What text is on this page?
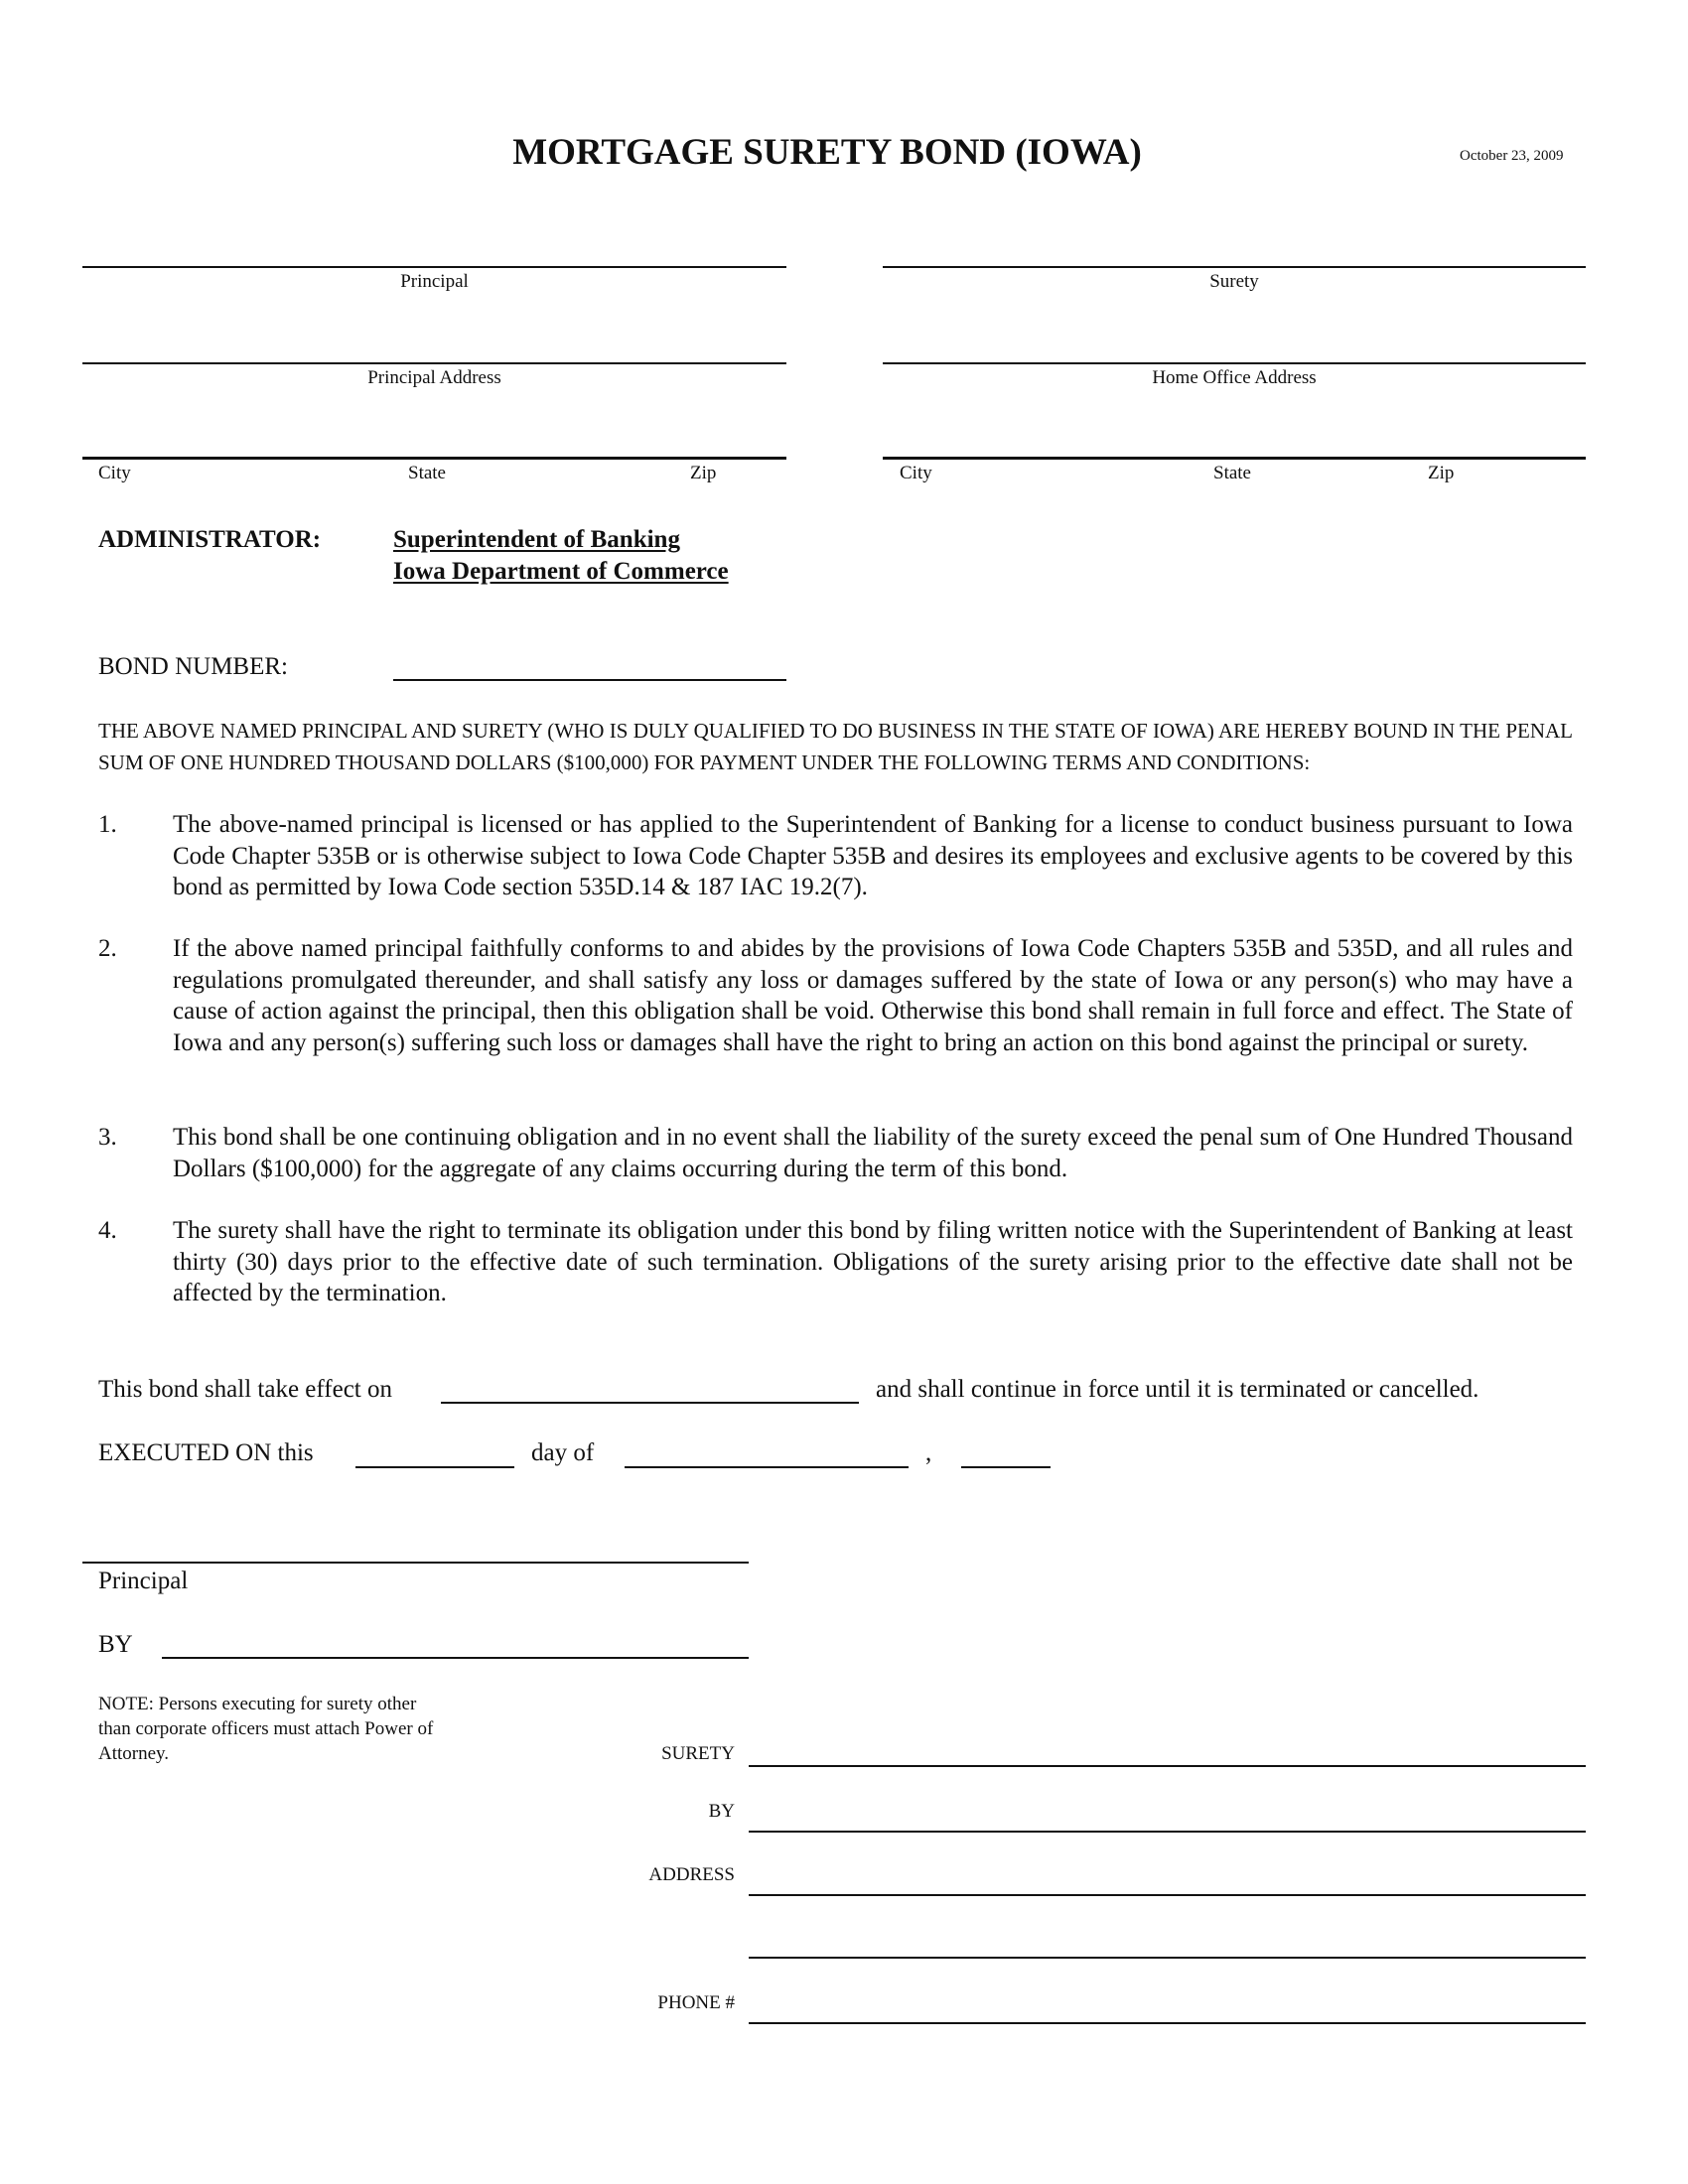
MORTGAGE SURETY BOND (IOWA)	October 23, 2009
Principal	Surety
Principal Address	Home Office Address
City	State	Zip	City	State	Zip
ADMINISTRATOR:	Superintendent of Banking
Iowa Department of Commerce
BOND NUMBER:
THE ABOVE NAMED PRINCIPAL AND SURETY (WHO IS DULY QUALIFIED TO DO BUSINESS IN THE STATE OF IOWA) ARE HEREBY BOUND IN THE PENAL SUM OF ONE HUNDRED THOUSAND DOLLARS ($100,000) FOR PAYMENT UNDER THE FOLLOWING TERMS AND CONDITIONS:
1. The above-named principal is licensed or has applied to the Superintendent of Banking for a license to conduct business pursuant to Iowa Code Chapter 535B or is otherwise subject to Iowa Code Chapter 535B and desires its employees and exclusive agents to be covered by this bond as permitted by Iowa Code section 535D.14 & 187 IAC 19.2(7).
2. If the above named principal faithfully conforms to and abides by the provisions of Iowa Code Chapters 535B and 535D, and all rules and regulations promulgated thereunder, and shall satisfy any loss or damages suffered by the state of Iowa or any person(s) who may have a cause of action against the principal, then this obligation shall be void. Otherwise this bond shall remain in full force and effect. The State of Iowa and any person(s) suffering such loss or damages shall have the right to bring an action on this bond against the principal or surety.
3. This bond shall be one continuing obligation and in no event shall the liability of the surety exceed the penal sum of One Hundred Thousand Dollars ($100,000) for the aggregate of any claims occurring during the term of this bond.
4. The surety shall have the right to terminate its obligation under this bond by filing written notice with the Superintendent of Banking at least thirty (30) days prior to the effective date of such termination. Obligations of the surety arising prior to the effective date shall not be affected by the termination.
This bond shall take effect on	and shall continue in force until it is terminated or cancelled.
EXECUTED ON this	day of	,
Principal
BY
NOTE: Persons executing for surety other than corporate officers must attach Power of Attorney.	SURETY
BY
ADDRESS
PHONE #
